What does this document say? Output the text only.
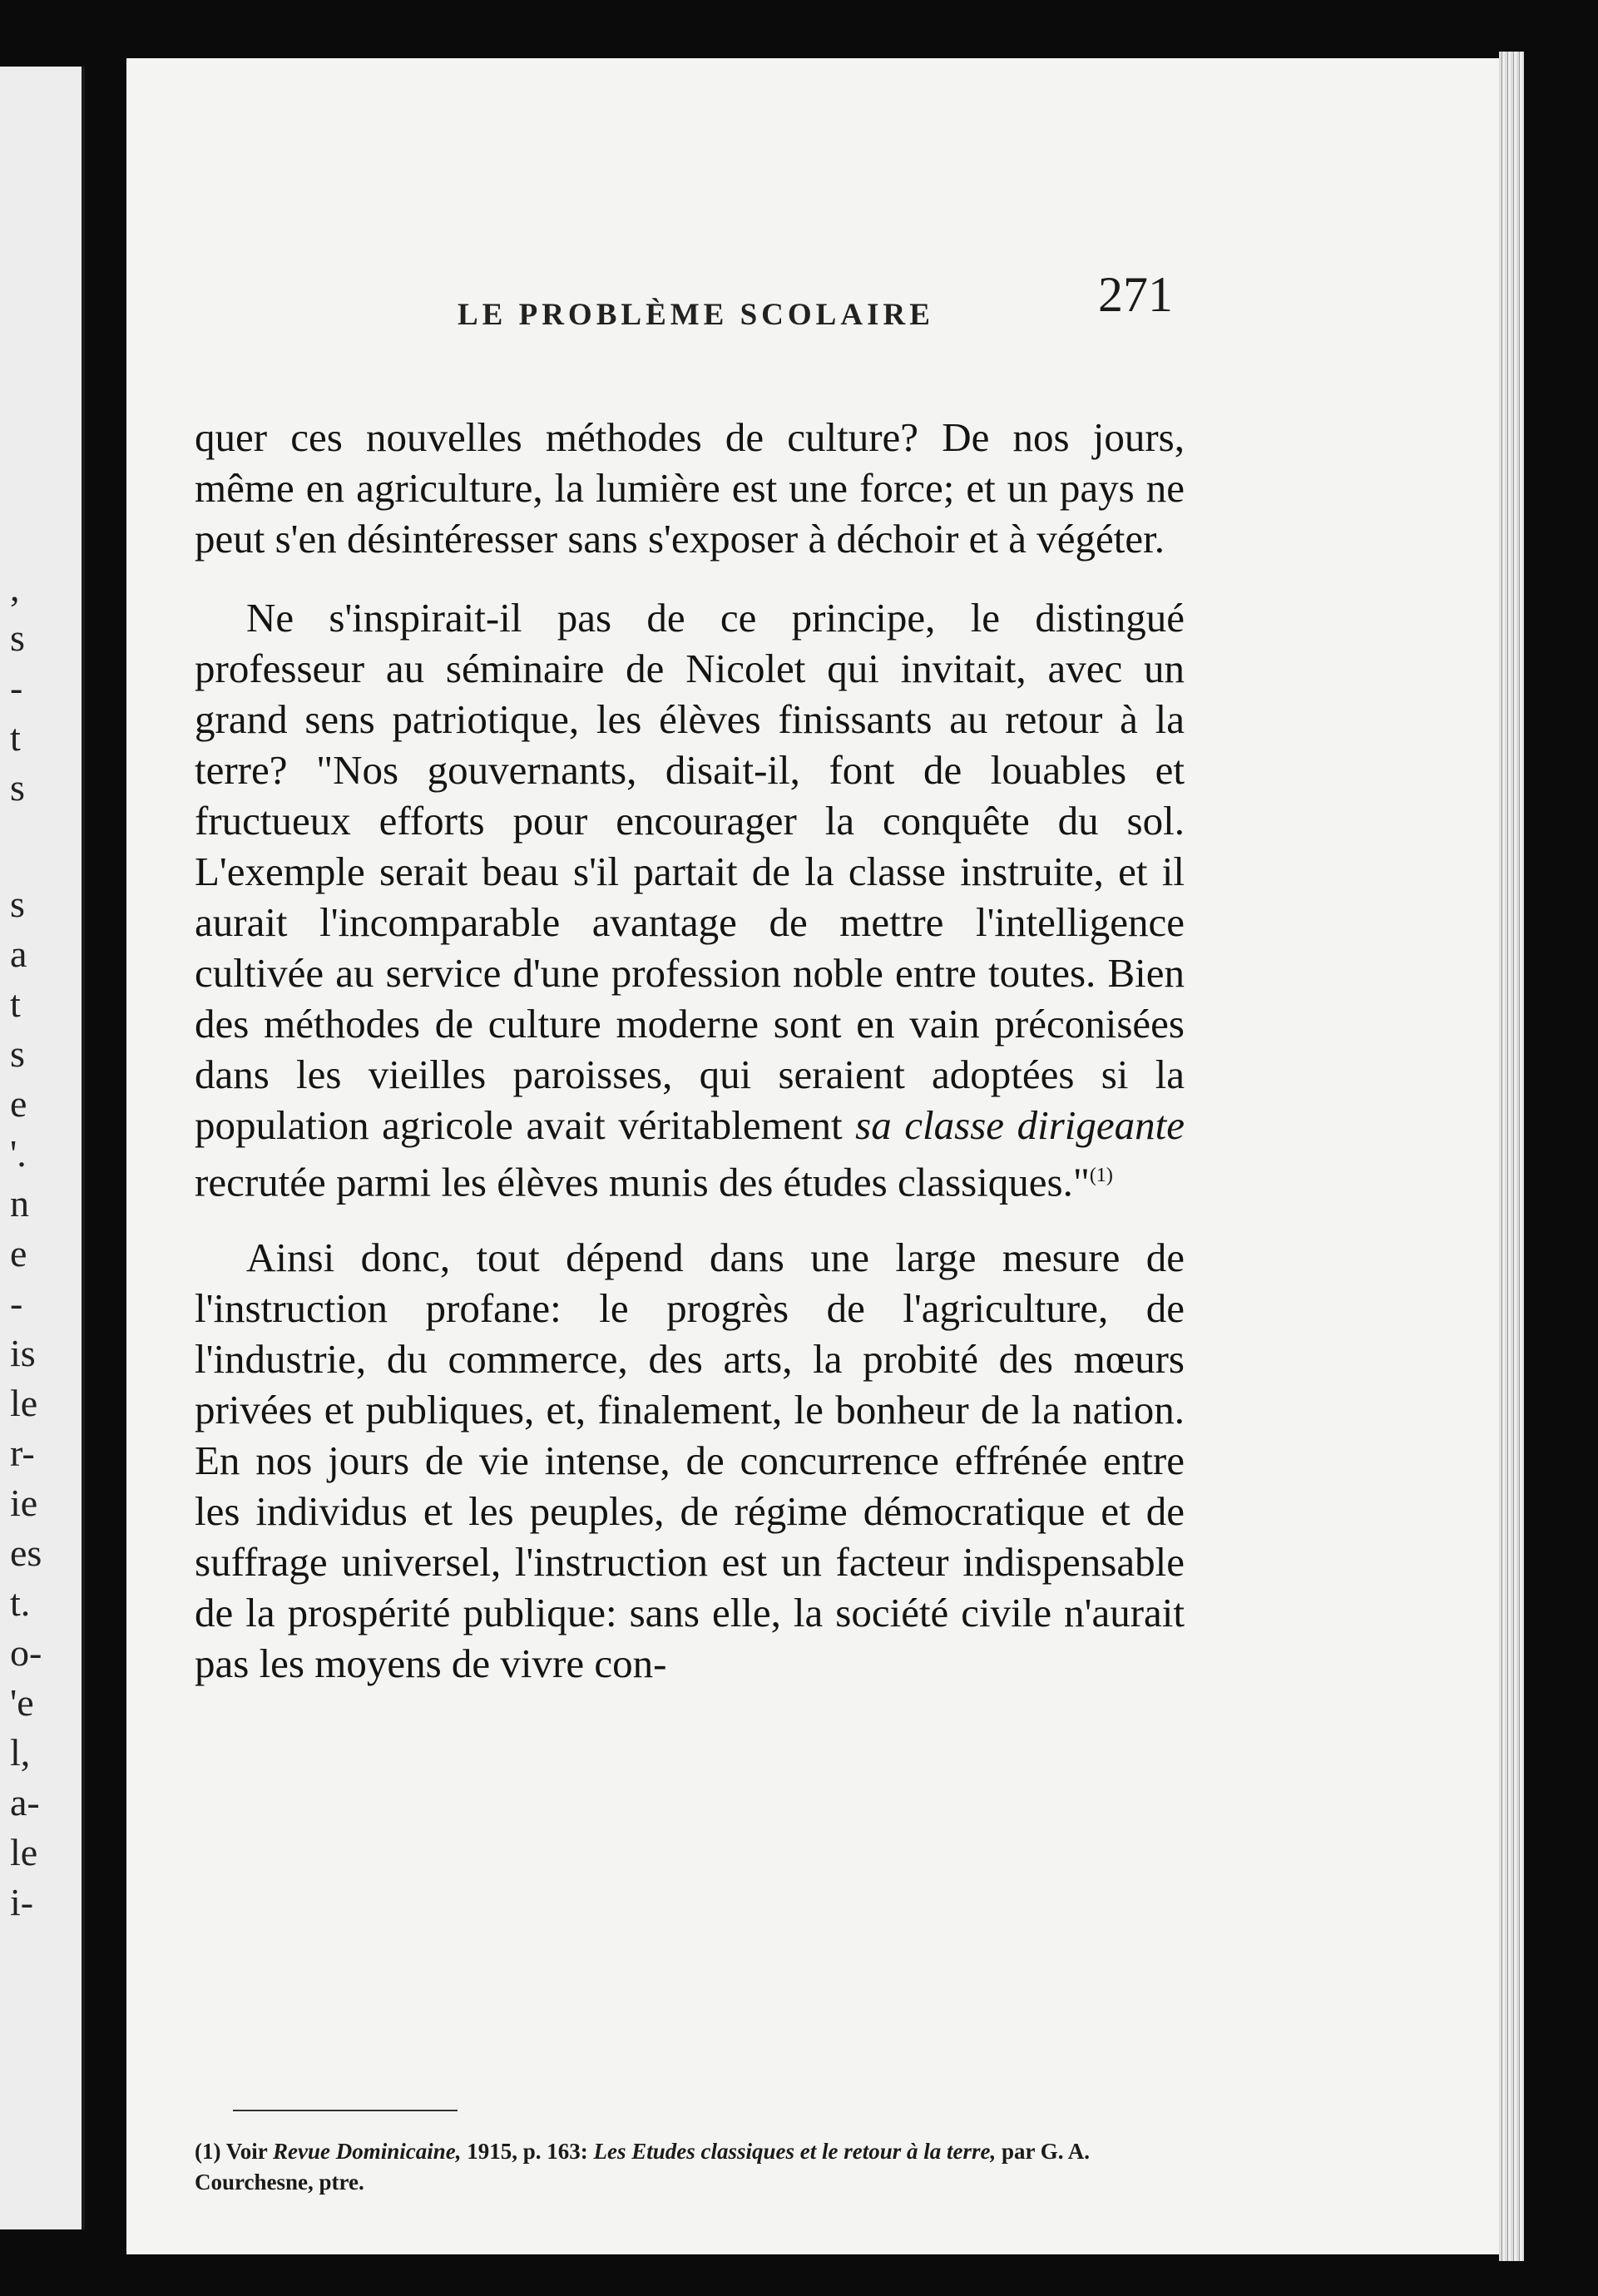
,
s
-
t
s
s
a
t
s
e
'.
n
e
-
is
le
r-
ie
es
t.
o-
'e
l,
a-
le
i-
LE PROBLÈME SCOLAIRE	271

quer ces nouvelles méthodes de culture? De nos jours, même en agriculture, la lumière est une force; et un pays ne peut s'en désintéresser sans s'exposer à déchoir et à végéter.

Ne s'inspirait-il pas de ce principe, le distingué professeur au séminaire de Nicolet qui invitait, avec un grand sens patriotique, les élèves finissants au retour à la terre? "Nos gouvernants, disait-il, font de louables et fructueux efforts pour encourager la conquête du sol. L'exemple serait beau s'il partait de la classe instruite, et il aurait l'incomparable avantage de mettre l'intelligence cultivée au service d'une profession noble entre toutes. Bien des méthodes de culture moderne sont en vain préconisées dans les vieilles paroisses, qui seraient adoptées si la population agricole avait véritablement sa classe dirigeante recrutée parmi les élèves munis des études classiques."$^{(1)}$

Ainsi donc, tout dépend dans une large mesure de l'instruction profane: le progrès de l'agriculture, de l'industrie, du commerce, des arts, la probité des mœurs privées et publiques, et, finalement, le bonheur de la nation. En nos jours de vie intense, de concurrence effrénée entre les individus et les peuples, de régime démocratique et de suffrage universel, l'instruction est un facteur indispensable de la prospérité publique: sans elle, la société civile n'aurait pas les moyens de vivre con-

(1) Voir Revue Dominicaine, 1915, p. 163: Les Etudes classiques et le retour à la terre, par G. A. Courchesne, ptre.
